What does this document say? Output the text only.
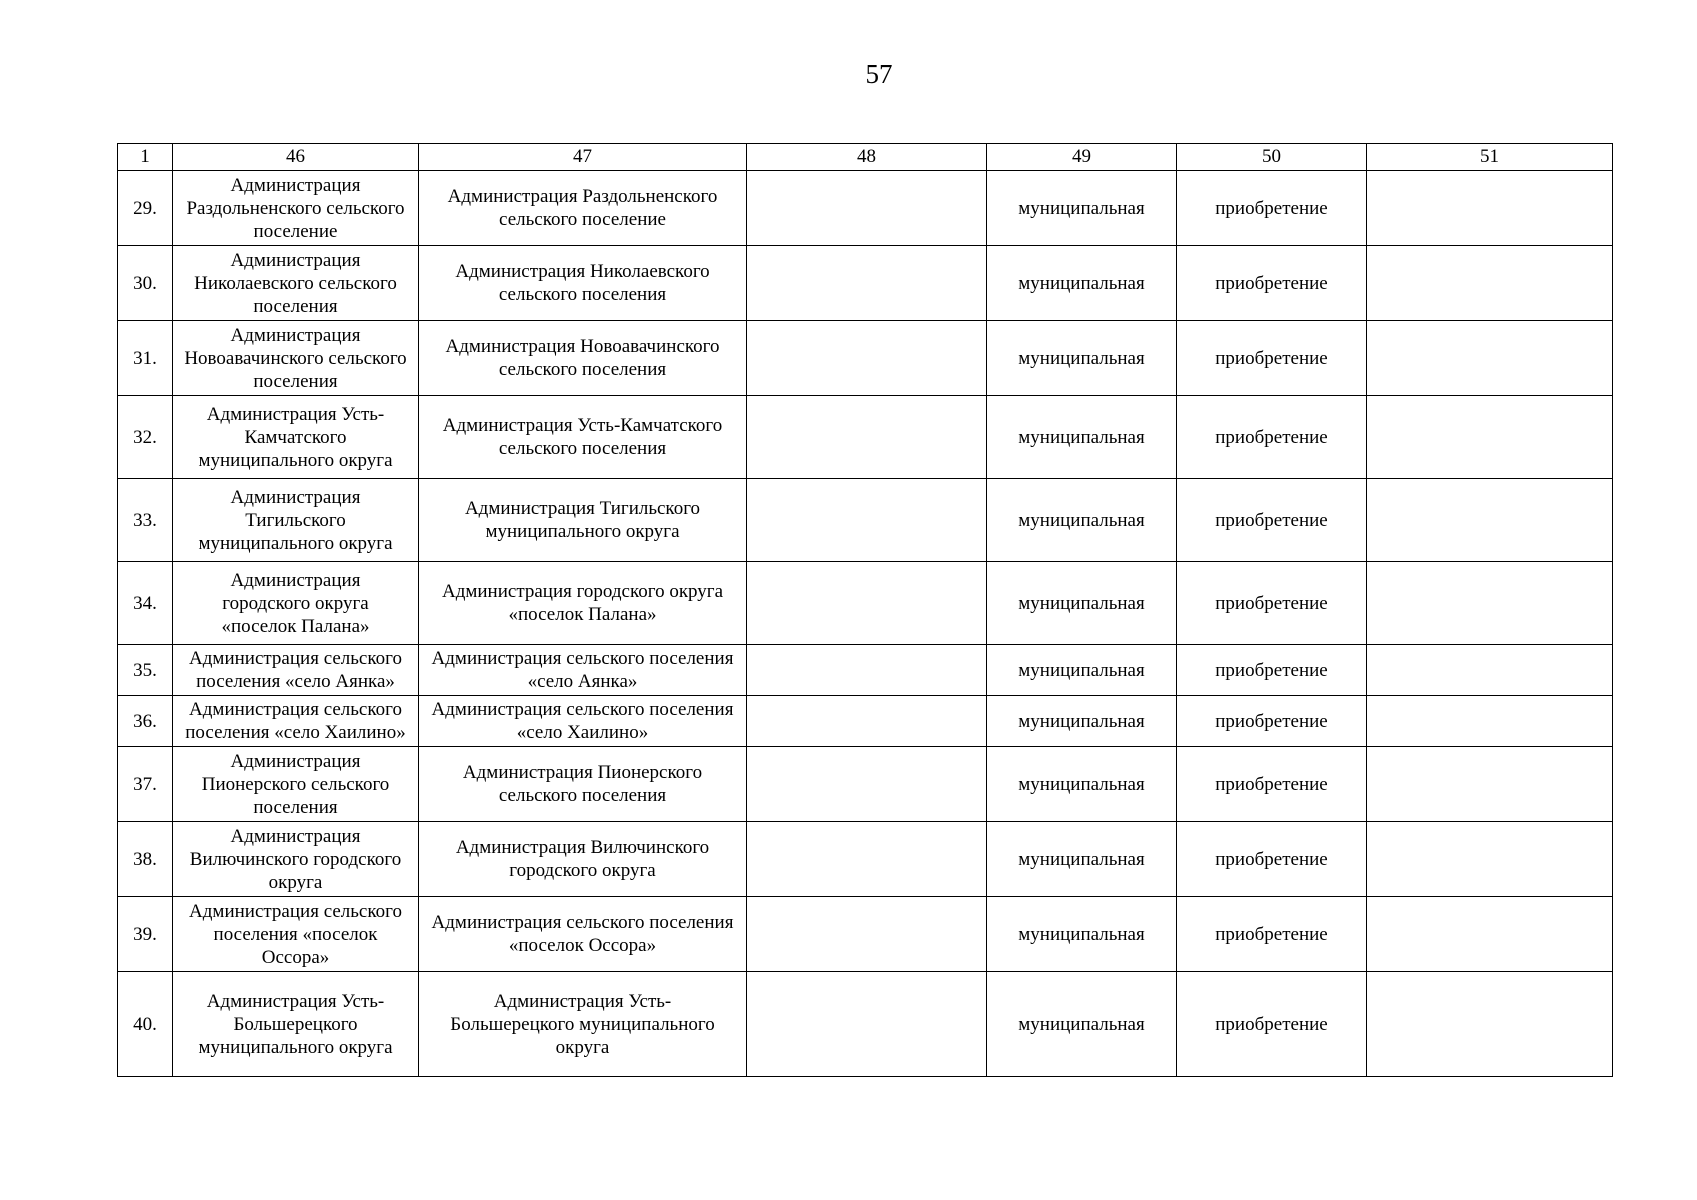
57
1	46	47	48	49	50	51
29.	Администрация Раздольненского сельского поселение	Администрация Раздольненского сельского поселение		муниципальная	приобретение	
30.	Администрация Николаевского сельского поселения	Администрация Николаевского сельского поселения		муниципальная	приобретение	
31.	Администрация Новоавачинского сельского поселения	Администрация Новоавачинского сельского поселения		муниципальная	приобретение	
32.	Администрация Усть-Камчатского муниципального округа	Администрация Усть-Камчатского сельского поселения		муниципальная	приобретение	
33.	Администрация Тигильского муниципального округа	Администрация Тигильского муниципального округа		муниципальная	приобретение	
34.	Администрация городского округа «поселок Палана»	Администрация городского округа «поселок Палана»		муниципальная	приобретение	
35.	Администрация сельского поселения «село Аянка»	Администрация сельского поселения «село Аянка»		муниципальная	приобретение	
36.	Администрация сельского поселения «село Хаилино»	Администрация сельского поселения «село Хаилино»		муниципальная	приобретение	
37.	Администрация Пионерского сельского поселения	Администрация Пионерского сельского поселения		муниципальная	приобретение	
38.	Администрация Вилючинского городского округа	Администрация Вилючинского городского округа		муниципальная	приобретение	
39.	Администрация сельского поселения «поселок Оссора»	Администрация сельского поселения «поселок Оссора»		муниципальная	приобретение	
40.	Администрация Усть-Большерецкого муниципального округа	Администрация Усть-Большерецкого муниципального округа		муниципальная	приобретение	
